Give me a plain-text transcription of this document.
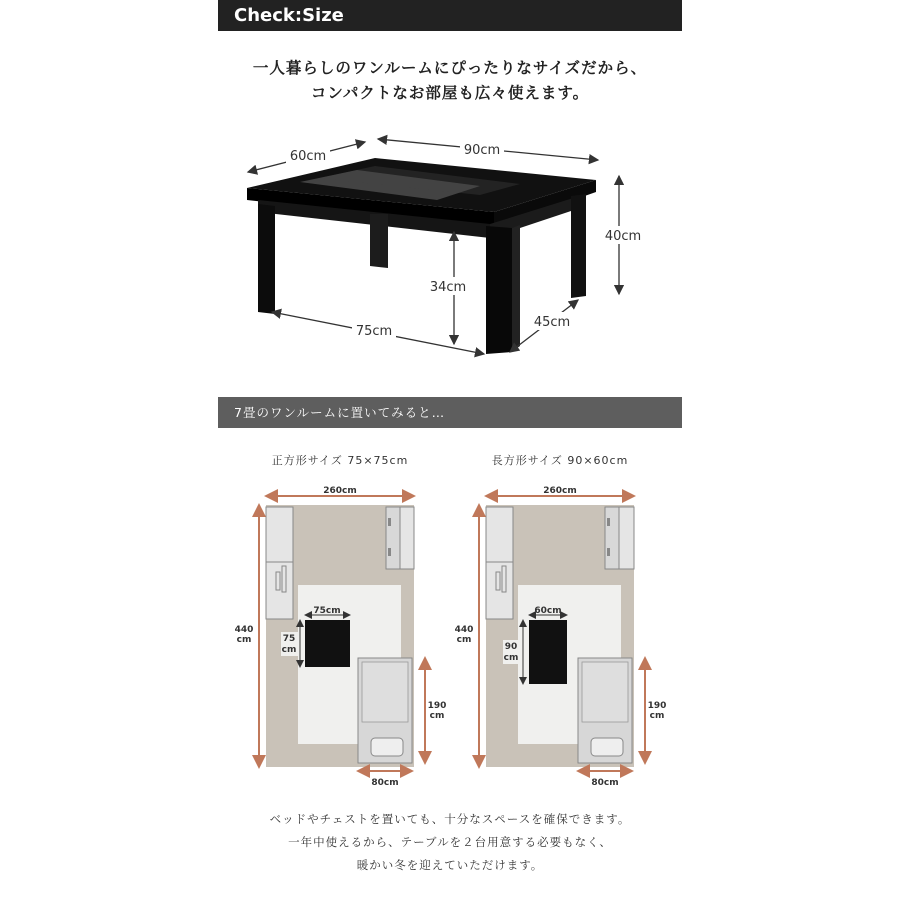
Check:Size
一人暮らしのワンルームにぴったりなサイズだから、
コンパクトなお部屋も広々使えます。
60cm	90cm
40cm
34cm
75cm
45cm
260cm
440
cm
75cm
75
cm
190
cm
80cm
260cm
440
cm
60cm
90
cm
190
cm
80cm
7畳のワンルームに置いてみると…
正方形サイズ 75×75cm	長方形サイズ 90×60cm
ベッドやチェストを置いても、十分なスペースを確保できます。
一年中使えるから、テーブルを２台用意する必要もなく、
暖かい冬を迎えていただけます。
